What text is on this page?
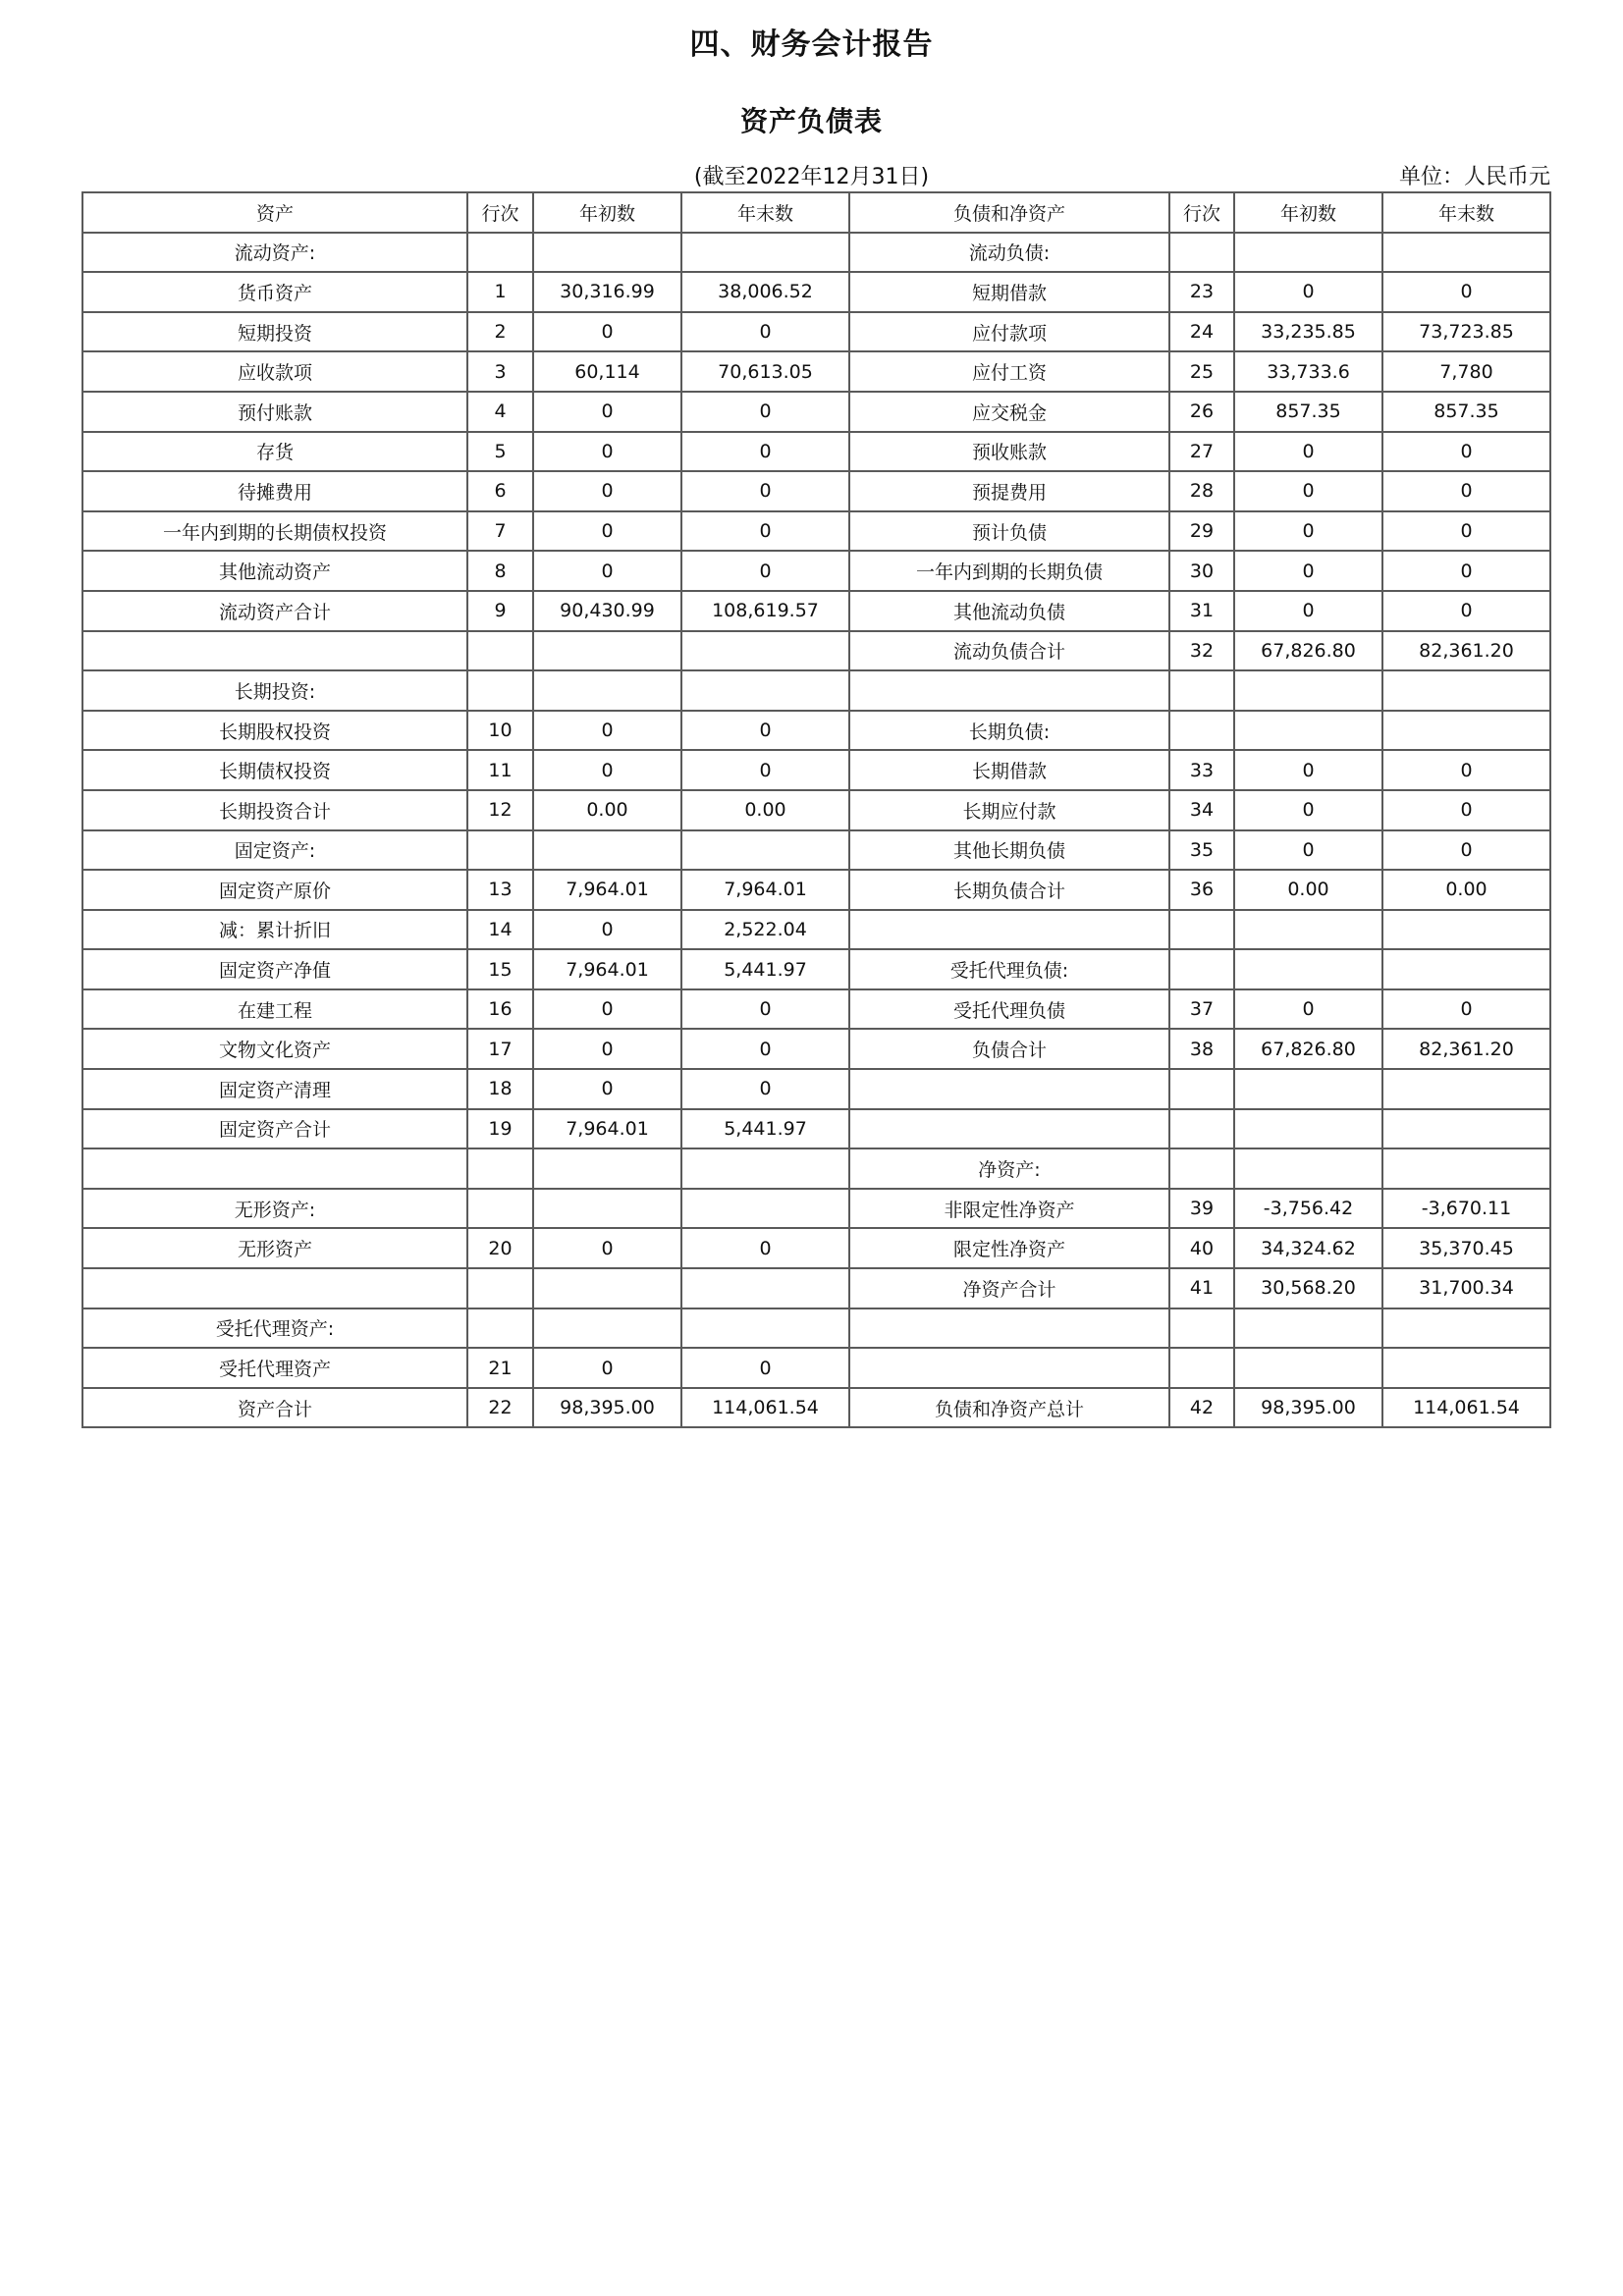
四、财务会计报告
资产负债表
(截至2022年12月31日)	单位：人民币元
资产	行次	年初数	年末数	负债和净资产	行次	年初数	年末数
流动资产:				流动负债:			
货币资产	1	30,316.99	38,006.52	短期借款	23	0	0
短期投资	2	0	0	应付款项	24	33,235.85	73,723.85
应收款项	3	60,114	70,613.05	应付工资	25	33,733.6	7,780
预付账款	4	0	0	应交税金	26	857.35	857.35
存货	5	0	0	预收账款	27	0	0
待摊费用	6	0	0	预提费用	28	0	0
一年内到期的长期债权投资	7	0	0	预计负债	29	0	0
其他流动资产	8	0	0	一年内到期的长期负债	30	0	0
流动资产合计	9	90,430.99	108,619.57	其他流动负债	31	0	0
				流动负债合计	32	67,826.80	82,361.20
长期投资:							
长期股权投资	10	0	0	长期负债:			
长期债权投资	11	0	0	长期借款	33	0	0
长期投资合计	12	0.00	0.00	长期应付款	34	0	0
固定资产:				其他长期负债	35	0	0
固定资产原价	13	7,964.01	7,964.01	长期负债合计	36	0.00	0.00
减：累计折旧	14	0	2,522.04				
固定资产净值	15	7,964.01	5,441.97	受托代理负债:			
在建工程	16	0	0	受托代理负债	37	0	0
文物文化资产	17	0	0	负债合计	38	67,826.80	82,361.20
固定资产清理	18	0	0				
固定资产合计	19	7,964.01	5,441.97				
				净资产:			
无形资产:				非限定性净资产	39	-3,756.42	-3,670.11
无形资产	20	0	0	限定性净资产	40	34,324.62	35,370.45
				净资产合计	41	30,568.20	31,700.34
受托代理资产:							
受托代理资产	21	0	0				
资产合计	22	98,395.00	114,061.54	负债和净资产总计	42	98,395.00	114,061.54
